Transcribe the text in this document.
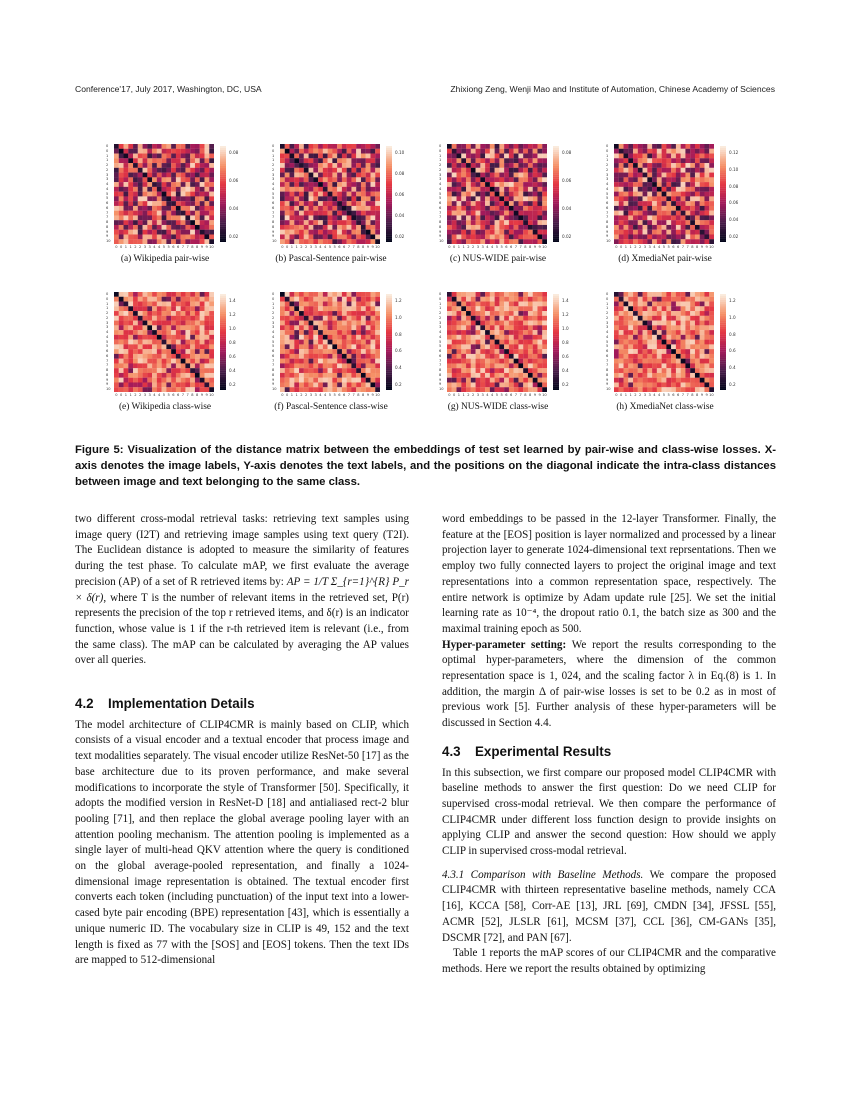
Conference'17, July 2017, Washington, DC, USA	Zhixiong Zeng, Wenji Mao and Institute of Automation, Chinese Academy of Sciences
0
0
1
1
2
2
3
3
4
4
5
5
6
6
7
7
8
8
9
9
10
0 0 1 1 2 2 3 3 4 4 5 5 6 6 7 7 8 8 9 9 10
0.08
0.06
0.04
0.02
(a) Wikipedia pair-wise
0
0
1
1
2
2
3
3
4
4
5
5
6
6
7
7
8
8
9
9
10
0 0 1 1 2 2 3 3 4 4 5 5 6 6 7 7 8 8 9 9 10
0.10
0.08
0.06
0.04
0.02
(b) Pascal-Sentence pair-wise
0
0
1
1
2
2
3
3
4
4
5
5
6
6
7
7
8
8
9
9
10
0 0 1 1 2 2 3 3 4 4 5 5 6 6 7 7 8 8 9 9 10
0.08
0.06
0.04
0.02
(c) NUS-WIDE pair-wise
0
0
1
1
2
2
3
3
4
4
5
5
6
6
7
7
8
8
9
9
10
0 0 1 1 2 2 3 3 4 4 5 5 6 6 7 7 8 8 9 9 10
0.12
0.10
0.08
0.06
0.04
0.02
(d) XmediaNet pair-wise
0
0
1
1
2
2
3
3
4
4
5
5
6
6
7
7
8
8
9
9
10
0 0 1 1 2 2 3 3 4 4 5 5 6 6 7 7 8 8 9 9 10
1.4
1.2
1.0
0.8
0.6
0.4
0.2
(e) Wikipedia class-wise
0
0
1
1
2
2
3
3
4
4
5
5
6
6
7
7
8
8
9
9
10
0 0 1 1 2 2 3 3 4 4 5 5 6 6 7 7 8 8 9 9 10
1.2
1.0
0.8
0.6
0.4
0.2
(f) Pascal-Sentence class-wise
0
0
1
1
2
2
3
3
4
4
5
5
6
6
7
7
8
8
9
9
10
0 0 1 1 2 2 3 3 4 4 5 5 6 6 7 7 8 8 9 9 10
1.4
1.2
1.0
0.8
0.6
0.4
0.2
(g) NUS-WIDE class-wise
0
0
1
1
2
2
3
3
4
4
5
5
6
6
7
7
8
8
9
9
10
0 0 1 1 2 2 3 3 4 4 5 5 6 6 7 7 8 8 9 9 10
1.2
1.0
0.8
0.6
0.4
0.2
(h) XmediaNet class-wise
Figure 5: Visualization of the distance matrix between the embeddings of test set learned by pair-wise and class-wise losses. X-axis denotes the image labels, Y-axis denotes the text labels, and the positions on the diagonal indicate the intra-class distances between image and text belonging to the same class.

two different cross-modal retrieval tasks: retrieving text samples using image query (I2T) and retrieving image samples using text query (T2I). The Euclidean distance is adopted to measure the similarity of features during the test phase. To calculate mAP, we first evaluate the average precision (AP) of a set of R retrieved items by: AP = 1/T Σ_{r=1}^{R} P_r × δ(r), where T is the number of relevant items in the retrieved set, P(r) represents the precision of the top r retrieved items, and δ(r) is an indicator function, whose value is 1 if the r-th retrieved item is relevant (i.e., from the same class). The mAP can be calculated by averaging the AP values over all queries.

4.2 Implementation Details

The model architecture of CLIP4CMR is mainly based on CLIP, which consists of a visual encoder and a textual encoder that process image and text modalities separately. The visual encoder utilize ResNet-50 [17] as the base architecture due to its proven performance, and make several modifications to incorporate the style of Transformer [50]. Specifically, it adopts the modified version in ResNet-D [18] and antialiased rect-2 blur pooling [71], and then replace the global average pooling layer with an attention pooling mechanism. The attention pooling is implemented as a single layer of multi-head QKV attention where the query is conditioned on the global average-pooled representation, and finally a 1024-dimensional image representation is obtained. The textual encoder first converts each token (including punctuation) of the input text into a lower-cased byte pair encoding (BPE) representation [43], which is essentially a unique numeric ID. The vocabulary size in CLIP is 49, 152 and the text length is fixed as 77 with the [SOS] and [EOS] tokens. Then the text IDs are mapped to 512-dimensional

word embeddings to be passed in the 12-layer Transformer. Finally, the feature at the [EOS] position is layer normalized and processed by a linear projection layer to generate 1024-dimensional text reprsentations. Then we employ two fully connected layers to project the original image and text representations into a common representation space, respectively. The entire network is optimize by Adam update rule [25]. We set the initial learning rate as 10⁻⁴, the dropout ratio 0.1, the batch size as 300 and the maximal training epoch as 500.

Hyper-parameter setting: We report the results corresponding to the optimal hyper-parameters, where the dimension of the common representation space is 1, 024, and the scaling factor λ in Eq.(8) is 1. In addition, the margin Δ of pair-wise losses is set to be 0.2 as in most of previous work [5]. Further analysis of these hyper-parameters will be discussed in Section 4.4.

4.3 Experimental Results

In this subsection, we first compare our proposed model CLIP4CMR with baseline methods to answer the first question: Do we need CLIP for supervised cross-modal retrieval. We then compare the performance of CLIP4CMR under different loss function design to provide insights on applying CLIP and answer the second question: How should we apply CLIP in supervised cross-modal retrieval.

4.3.1 Comparison with Baseline Methods. We compare the proposed CLIP4CMR with thirteen representative baseline methods, namely CCA [16], KCCA [58], Corr-AE [13], JRL [69], CMDN [34], JFSSL [55], ACMR [52], JLSLR [61], MCSM [37], CCL [36], CM-GANs [35], DSCMR [72], and PAN [67].

Table 1 reports the mAP scores of our CLIP4CMR and the comparative methods. Here we report the results obtained by optimizing
